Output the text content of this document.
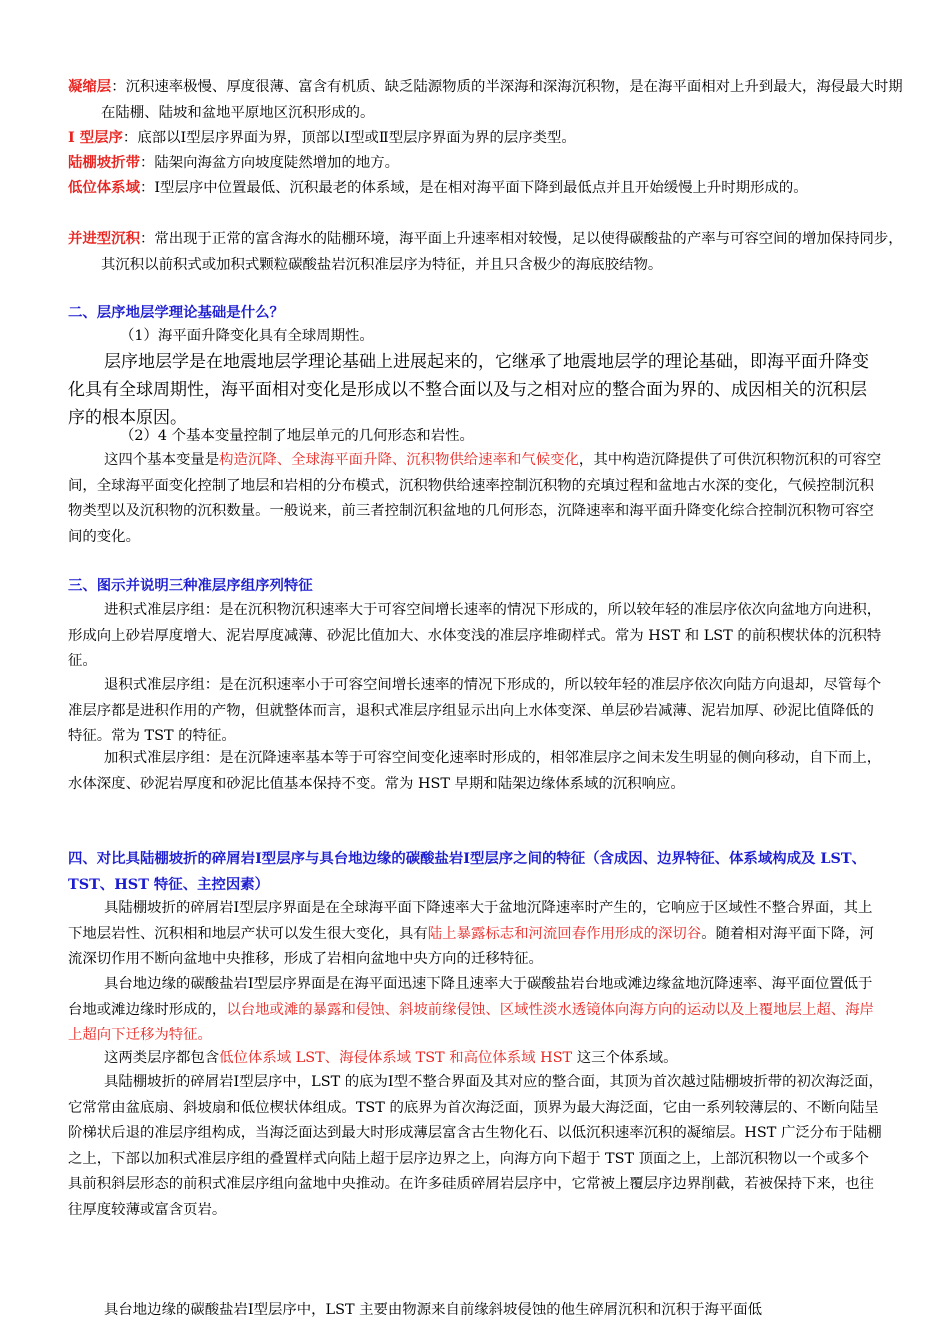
凝缩层：沉积速率极慢、厚度很薄、富含有机质、缺乏陆源物质的半深海和深海沉积物，是在海平面相对上升到最大，海侵最大时期在陆棚、陆坡和盆地平原地区沉积形成的。

Ⅰ 型层序：底部以Ⅰ型层序界面为界，顶部以Ⅰ型或Ⅱ型层序界面为界的层序类型。

陆棚坡折带：陆架向海盆方向坡度陡然增加的地方。

低位体系域：Ⅰ型层序中位置最低、沉积最老的体系域，是在相对海平面下降到最低点并且开始缓慢上升时期形成的。

并进型沉积：常出现于正常的富含海水的陆棚环境，海平面上升速率相对较慢，足以使得碳酸盐的产率与可容空间的增加保持同步，其沉积以前积式或加积式颗粒碳酸盐岩沉积准层序为特征，并且只含极少的海底胶结物。

二、层序地层学理论基础是什么？

（1）海平面升降变化具有全球周期性。

层序地层学是在地震地层学理论基础上进展起来的，它继承了地震地层学的理论基础，即海平面升降变化具有全球周期性，海平面相对变化是形成以不整合面以及与之相对应的整合面为界的、成因相关的沉积层序的根本原因。

（2）4 个基本变量控制了地层单元的几何形态和岩性。

这四个基本变量是构造沉降、全球海平面升降、沉积物供给速率和气候变化，其中构造沉降提供了可供沉积物沉积的可容空间，全球海平面变化控制了地层和岩相的分布模式，沉积物供给速率控制沉积物的充填过程和盆地古水深的变化，气候控制沉积物类型以及沉积物的沉积数量。一般说来，前三者控制沉积盆地的几何形态，沉降速率和海平面升降变化综合控制沉积物可容空间的变化。

三、图示并说明三种准层序组序列特征

进积式准层序组：是在沉积物沉积速率大于可容空间增长速率的情况下形成的，所以较年轻的准层序依次向盆地方向进积，形成向上砂岩厚度增大、泥岩厚度减薄、砂泥比值加大、水体变浅的准层序堆砌样式。常为 HST 和 LST 的前积楔状体的沉积特征。

退积式准层序组：是在沉积速率小于可容空间增长速率的情况下形成的，所以较年轻的准层序依次向陆方向退却，尽管每个准层序都是进积作用的产物，但就整体而言，退积式准层序组显示出向上水体变深、单层砂岩减薄、泥岩加厚、砂泥比值降低的特征。常为 TST 的特征。

加积式准层序组：是在沉降速率基本等于可容空间变化速率时形成的，相邻准层序之间未发生明显的侧向移动，自下而上，水体深度、砂泥岩厚度和砂泥比值基本保持不变。常为 HST 早期和陆架边缘体系域的沉积响应。

四、对比具陆棚坡折的碎屑岩Ⅰ型层序与具台地边缘的碳酸盐岩Ⅰ型层序之间的特征（含成因、边界特征、体系域构成及 LST、TST、HST 特征、主控因素）

具陆棚坡折的碎屑岩Ⅰ型层序界面是在全球海平面下降速率大于盆地沉降速率时产生的，它响应于区域性不整合界面，其上下地层岩性、沉积相和地层产状可以发生很大变化，具有陆上暴露标志和河流回春作用形成的深切谷。随着相对海平面下降，河流深切作用不断向盆地中央推移，形成了岩相向盆地中央方向的迁移特征。

具台地边缘的碳酸盐岩Ⅰ型层序界面是在海平面迅速下降且速率大于碳酸盐岩台地或滩边缘盆地沉降速率、海平面位置低于台地或滩边缘时形成的，以台地或滩的暴露和侵蚀、斜坡前缘侵蚀、区域性淡水透镜体向海方向的运动以及上覆地层上超、海岸上超向下迁移为特征。

这两类层序都包含低位体系域 LST、海侵体系域 TST 和高位体系域 HST 这三个体系域。

具陆棚坡折的碎屑岩Ⅰ型层序中，LST 的底为Ⅰ型不整合界面及其对应的整合面，其顶为首次越过陆棚坡折带的初次海泛面，它常常由盆底扇、斜坡扇和低位楔状体组成。TST 的底界为首次海泛面，顶界为最大海泛面，它由一系列较薄层的、不断向陆呈阶梯状后退的准层序组构成，当海泛面达到最大时形成薄层富含古生物化石、以低沉积速率沉积的凝缩层。HST 广泛分布于陆棚之上，下部以加积式准层序组的叠置样式向陆上超于层序边界之上，向海方向下超于 TST 顶面之上，上部沉积物以一个或多个具前积斜层形态的前积式准层序组向盆地中央推动。在许多硅质碎屑岩层序中，它常被上覆层序边界削截，若被保持下来，也往往厚度较薄或富含页岩。

具台地边缘的碳酸盐岩Ⅰ型层序中，LST 主要由物源来自前缘斜坡侵蚀的他生碎屑沉积和沉积于海平面低
